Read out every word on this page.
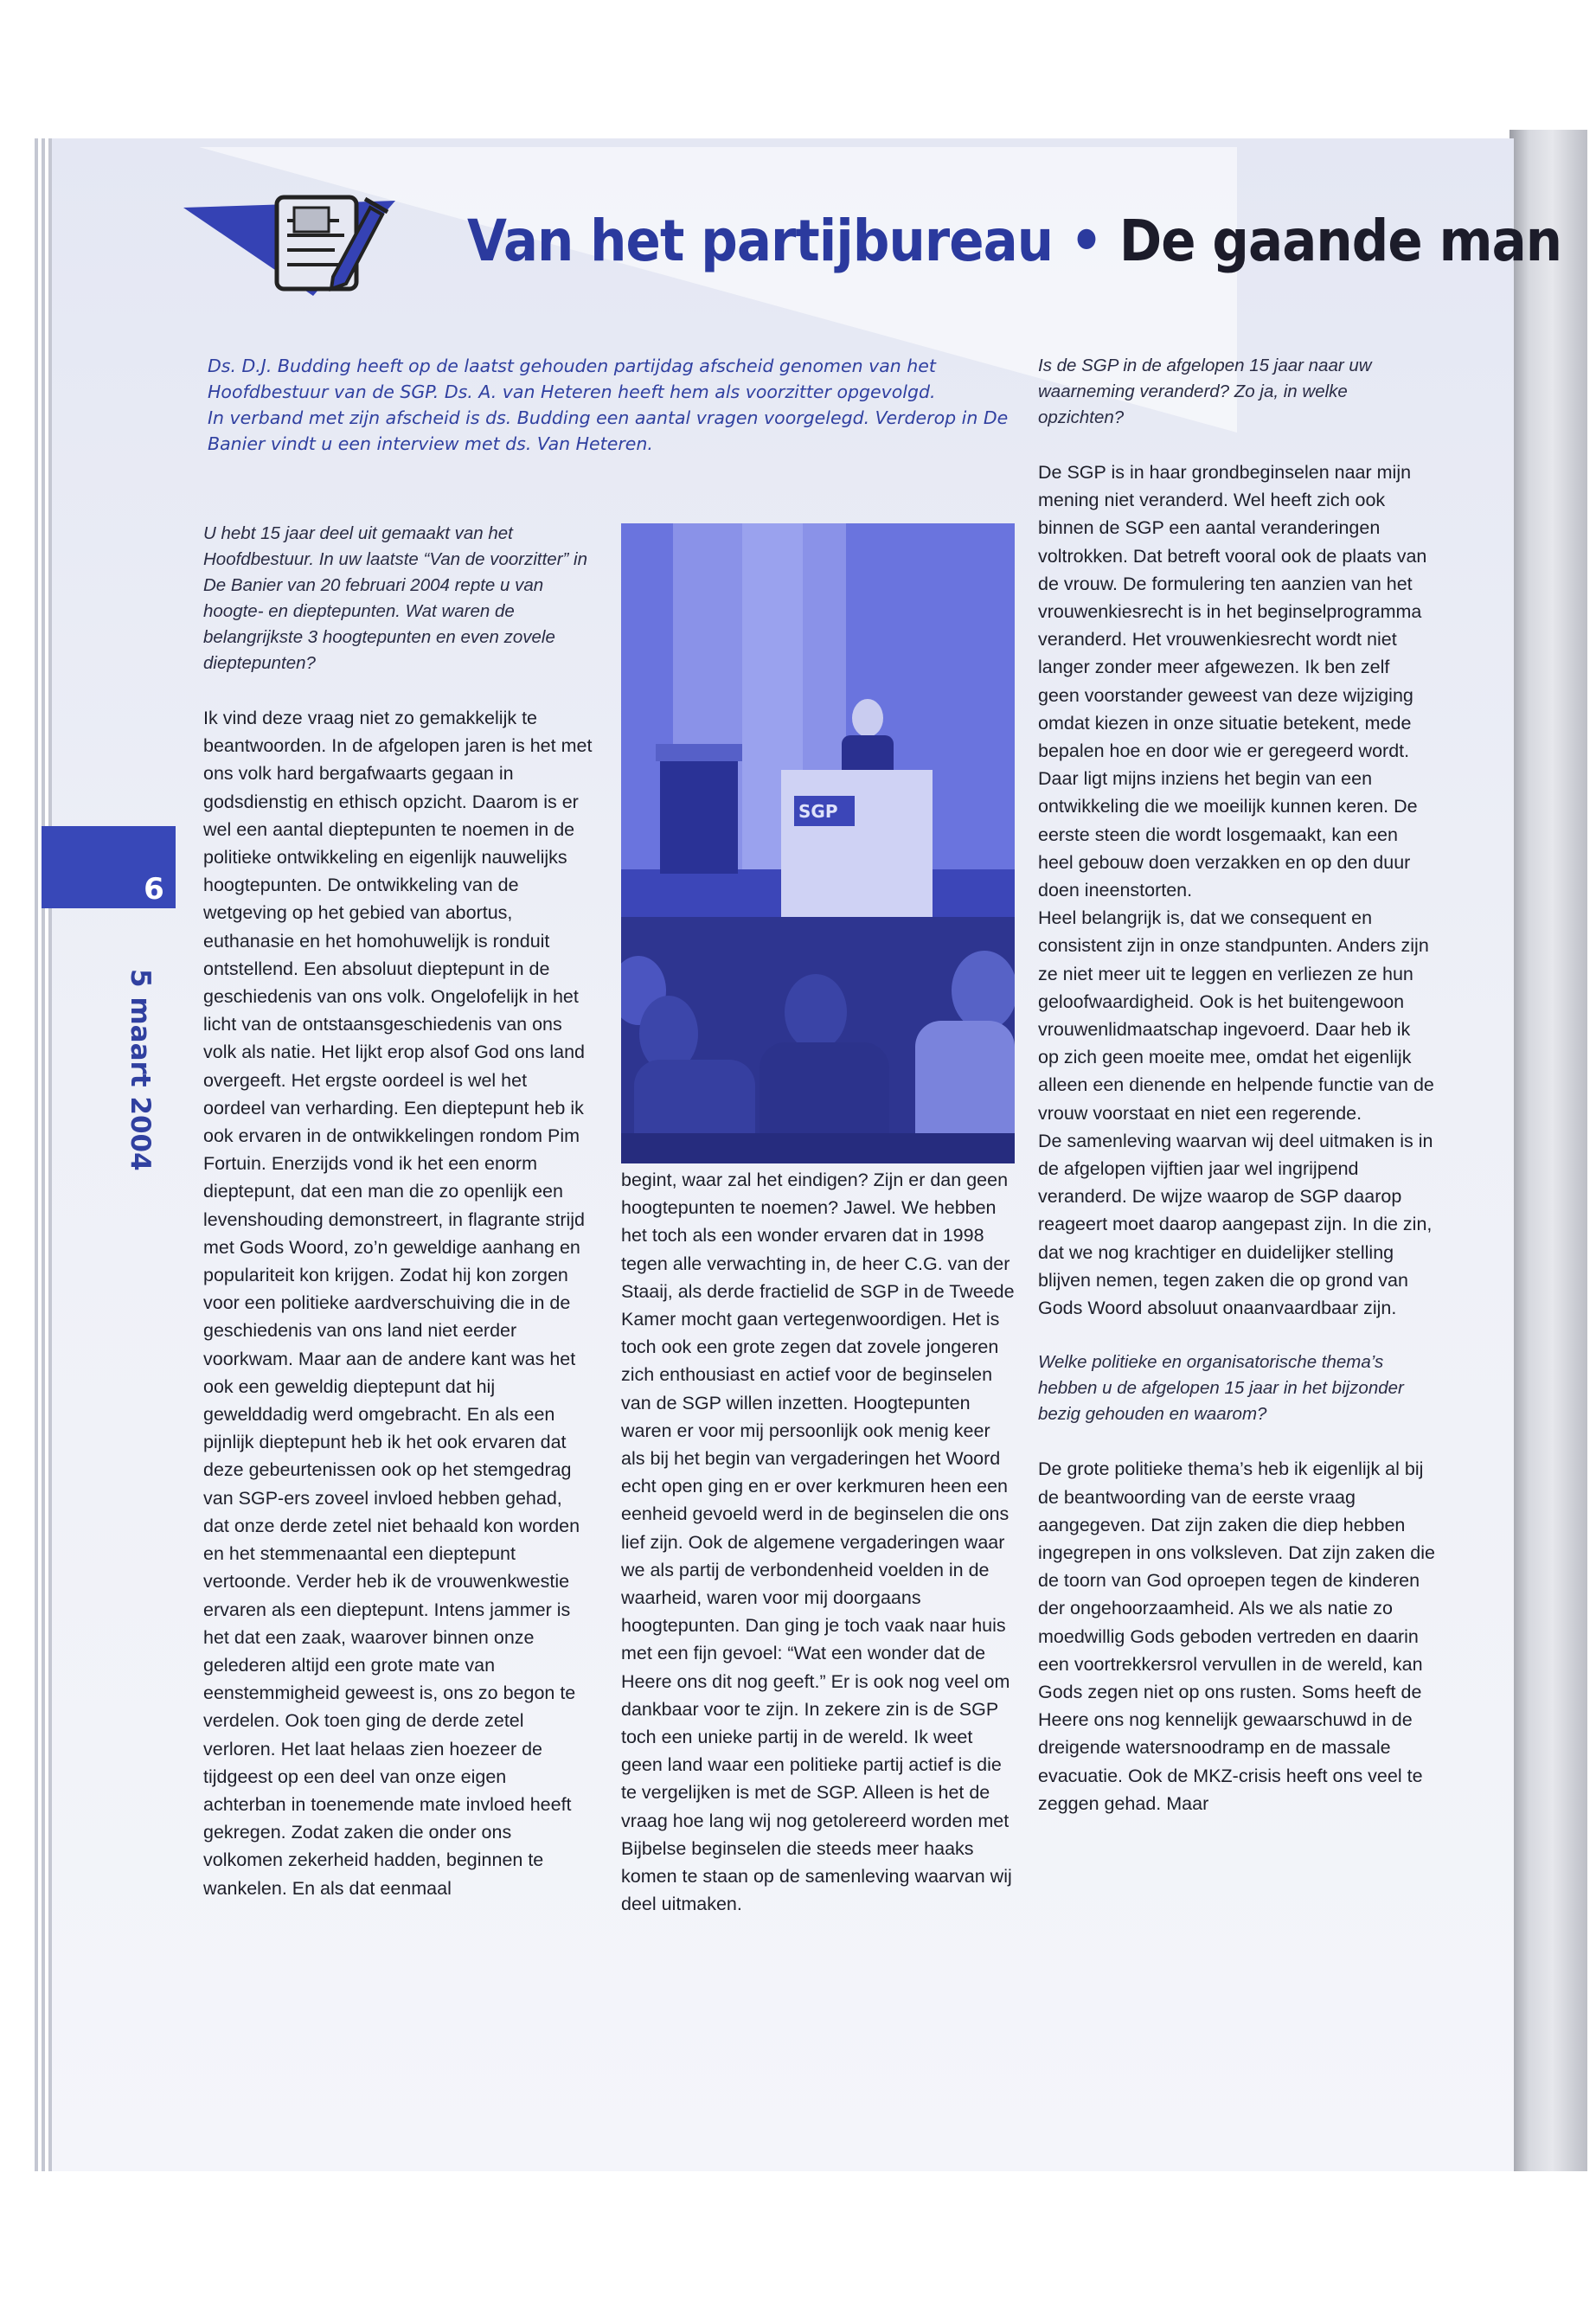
Van het partijbureau • De gaande man

Ds. D.J. Budding heeft op de laatst gehouden partijdag afscheid genomen van het Hoofdbestuur van de SGP. Ds. A. van Heteren heeft hem als voorzitter opgevolgd.

In verband met zijn afscheid is ds. Budding een aantal vragen voorgelegd. Verderop in De Banier vindt u een interview met ds. Van Heteren.

6
5 maart 2004

U hebt 15 jaar deel uit gemaakt van het Hoofdbestuur. In uw laatste “Van de voorzitter” in De Banier van 20 februari 2004 repte u van hoogte- en dieptepunten. Wat waren de belangrijkste 3 hoogtepunten en even zovele dieptepunten?

Ik vind deze vraag niet zo gemakkelijk te beantwoorden. In de afgelopen jaren is het met ons volk hard bergafwaarts gegaan in godsdienstig en ethisch opzicht. Daarom is er wel een aantal dieptepunten te noemen in de politieke ontwikkeling en eigenlijk nauwelijks hoogtepunten. De ontwikkeling van de wetgeving op het gebied van abortus, euthanasie en het homohuwelijk is ronduit ontstellend. Een absoluut dieptepunt in de geschiedenis van ons volk. Ongelofelijk in het licht van de ontstaansgeschiedenis van ons volk als natie. Het lijkt erop alsof God ons land overgeeft. Het ergste oordeel is wel het oordeel van verharding. Een dieptepunt heb ik ook ervaren in de ontwikkelingen rondom Pim Fortuin. Enerzijds vond ik het een enorm dieptepunt, dat een man die zo openlijk een levenshouding demonstreert, in flagrante strijd met Gods Woord, zo’n geweldige aanhang en populariteit kon krijgen. Zodat hij kon zorgen voor een politieke aardverschuiving die in de geschiedenis van ons land niet eerder voorkwam. Maar aan de andere kant was het ook een geweldig dieptepunt dat hij gewelddadig werd omgebracht. En als een pijnlijk dieptepunt heb ik het ook ervaren dat deze gebeurtenissen ook op het stemgedrag van SGP-ers zoveel invloed hebben gehad, dat onze derde zetel niet behaald kon worden en het stemmenaantal een dieptepunt vertoonde. Verder heb ik de vrouwenkwestie ervaren als een dieptepunt. Intens jammer is het dat een zaak, waarover binnen onze gelederen altijd een grote mate van eenstemmigheid geweest is, ons zo begon te verdelen. Ook toen ging de derde zetel verloren. Het laat helaas zien hoezeer de tijdgeest op een deel van onze eigen achterban in toenemende mate invloed heeft gekregen. Zodat zaken die onder ons volkomen zekerheid hadden, beginnen te wankelen. En als dat eenmaal

SGP

begint, waar zal het eindigen? Zijn er dan geen hoogtepunten te noemen? Jawel. We hebben het toch als een wonder ervaren dat in 1998 tegen alle verwachting in, de heer C.G. van der Staaij, als derde fractielid de SGP in de Tweede Kamer mocht gaan vertegenwoordigen. Het is toch ook een grote zegen dat zovele jongeren zich enthousiast en actief voor de beginselen van de SGP willen inzetten. Hoogtepunten waren er voor mij persoonlijk ook menig keer als bij het begin van vergaderingen het Woord echt open ging en er over kerkmuren heen een eenheid gevoeld werd in de beginselen die ons lief zijn. Ook de algemene vergaderingen waar we als partij de verbondenheid voelden in de waarheid, waren voor mij doorgaans hoogtepunten. Dan ging je toch vaak naar huis met een fijn gevoel: “Wat een wonder dat de Heere ons dit nog geeft.” Er is ook nog veel om dankbaar voor te zijn. In zekere zin is de SGP toch een unieke partij in de wereld. Ik weet geen land waar een politieke partij actief is die te vergelijken is met de SGP. Alleen is het de vraag hoe lang wij nog getolereerd worden met Bijbelse beginselen die steeds meer haaks komen te staan op de samenleving waarvan wij deel uitmaken.

Is de SGP in de afgelopen 15 jaar naar uw waarneming veranderd? Zo ja, in welke opzichten?

De SGP is in haar grondbeginselen naar mijn mening niet veranderd. Wel heeft zich ook binnen de SGP een aantal veranderingen voltrokken. Dat betreft vooral ook de plaats van de vrouw. De formulering ten aanzien van het vrouwenkiesrecht is in het beginselprogramma veranderd. Het vrouwenkiesrecht wordt niet langer zonder meer afgewezen. Ik ben zelf geen voorstander geweest van deze wijziging omdat kiezen in onze situatie betekent, mede bepalen hoe en door wie er geregeerd wordt. Daar ligt mijns inziens het begin van een ontwikkeling die we moeilijk kunnen keren. De eerste steen die wordt losgemaakt, kan een heel gebouw doen verzakken en op den duur doen ineenstorten.

Heel belangrijk is, dat we consequent en consistent zijn in onze standpunten. Anders zijn ze niet meer uit te leggen en verliezen ze hun geloofwaardigheid. Ook is het buitengewoon vrouwenlidmaatschap ingevoerd. Daar heb ik op zich geen moeite mee, omdat het eigenlijk alleen een dienende en helpende functie van de vrouw voorstaat en niet een regerende.

De samenleving waarvan wij deel uitmaken is in de afgelopen vijftien jaar wel ingrijpend veranderd. De wijze waarop de SGP daarop reageert moet daarop aangepast zijn. In die zin, dat we nog krachtiger en duidelijker stelling blijven nemen, tegen zaken die op grond van Gods Woord absoluut onaanvaardbaar zijn.

Welke politieke en organisatorische thema’s hebben u de afgelopen 15 jaar in het bijzonder bezig gehouden en waarom?

De grote politieke thema’s heb ik eigenlijk al bij de beantwoording van de eerste vraag aangegeven. Dat zijn zaken die diep hebben ingegrepen in ons volksleven. Dat zijn zaken die de toorn van God oproepen tegen de kinderen der ongehoorzaamheid. Als we als natie zo moedwillig Gods geboden vertreden en daarin een voortrekkersrol vervullen in de wereld, kan Gods zegen niet op ons rusten. Soms heeft de Heere ons nog kennelijk gewaarschuwd in de dreigende watersnoodramp en de massale evacuatie. Ook de MKZ-crisis heeft ons veel te zeggen gehad. Maar
